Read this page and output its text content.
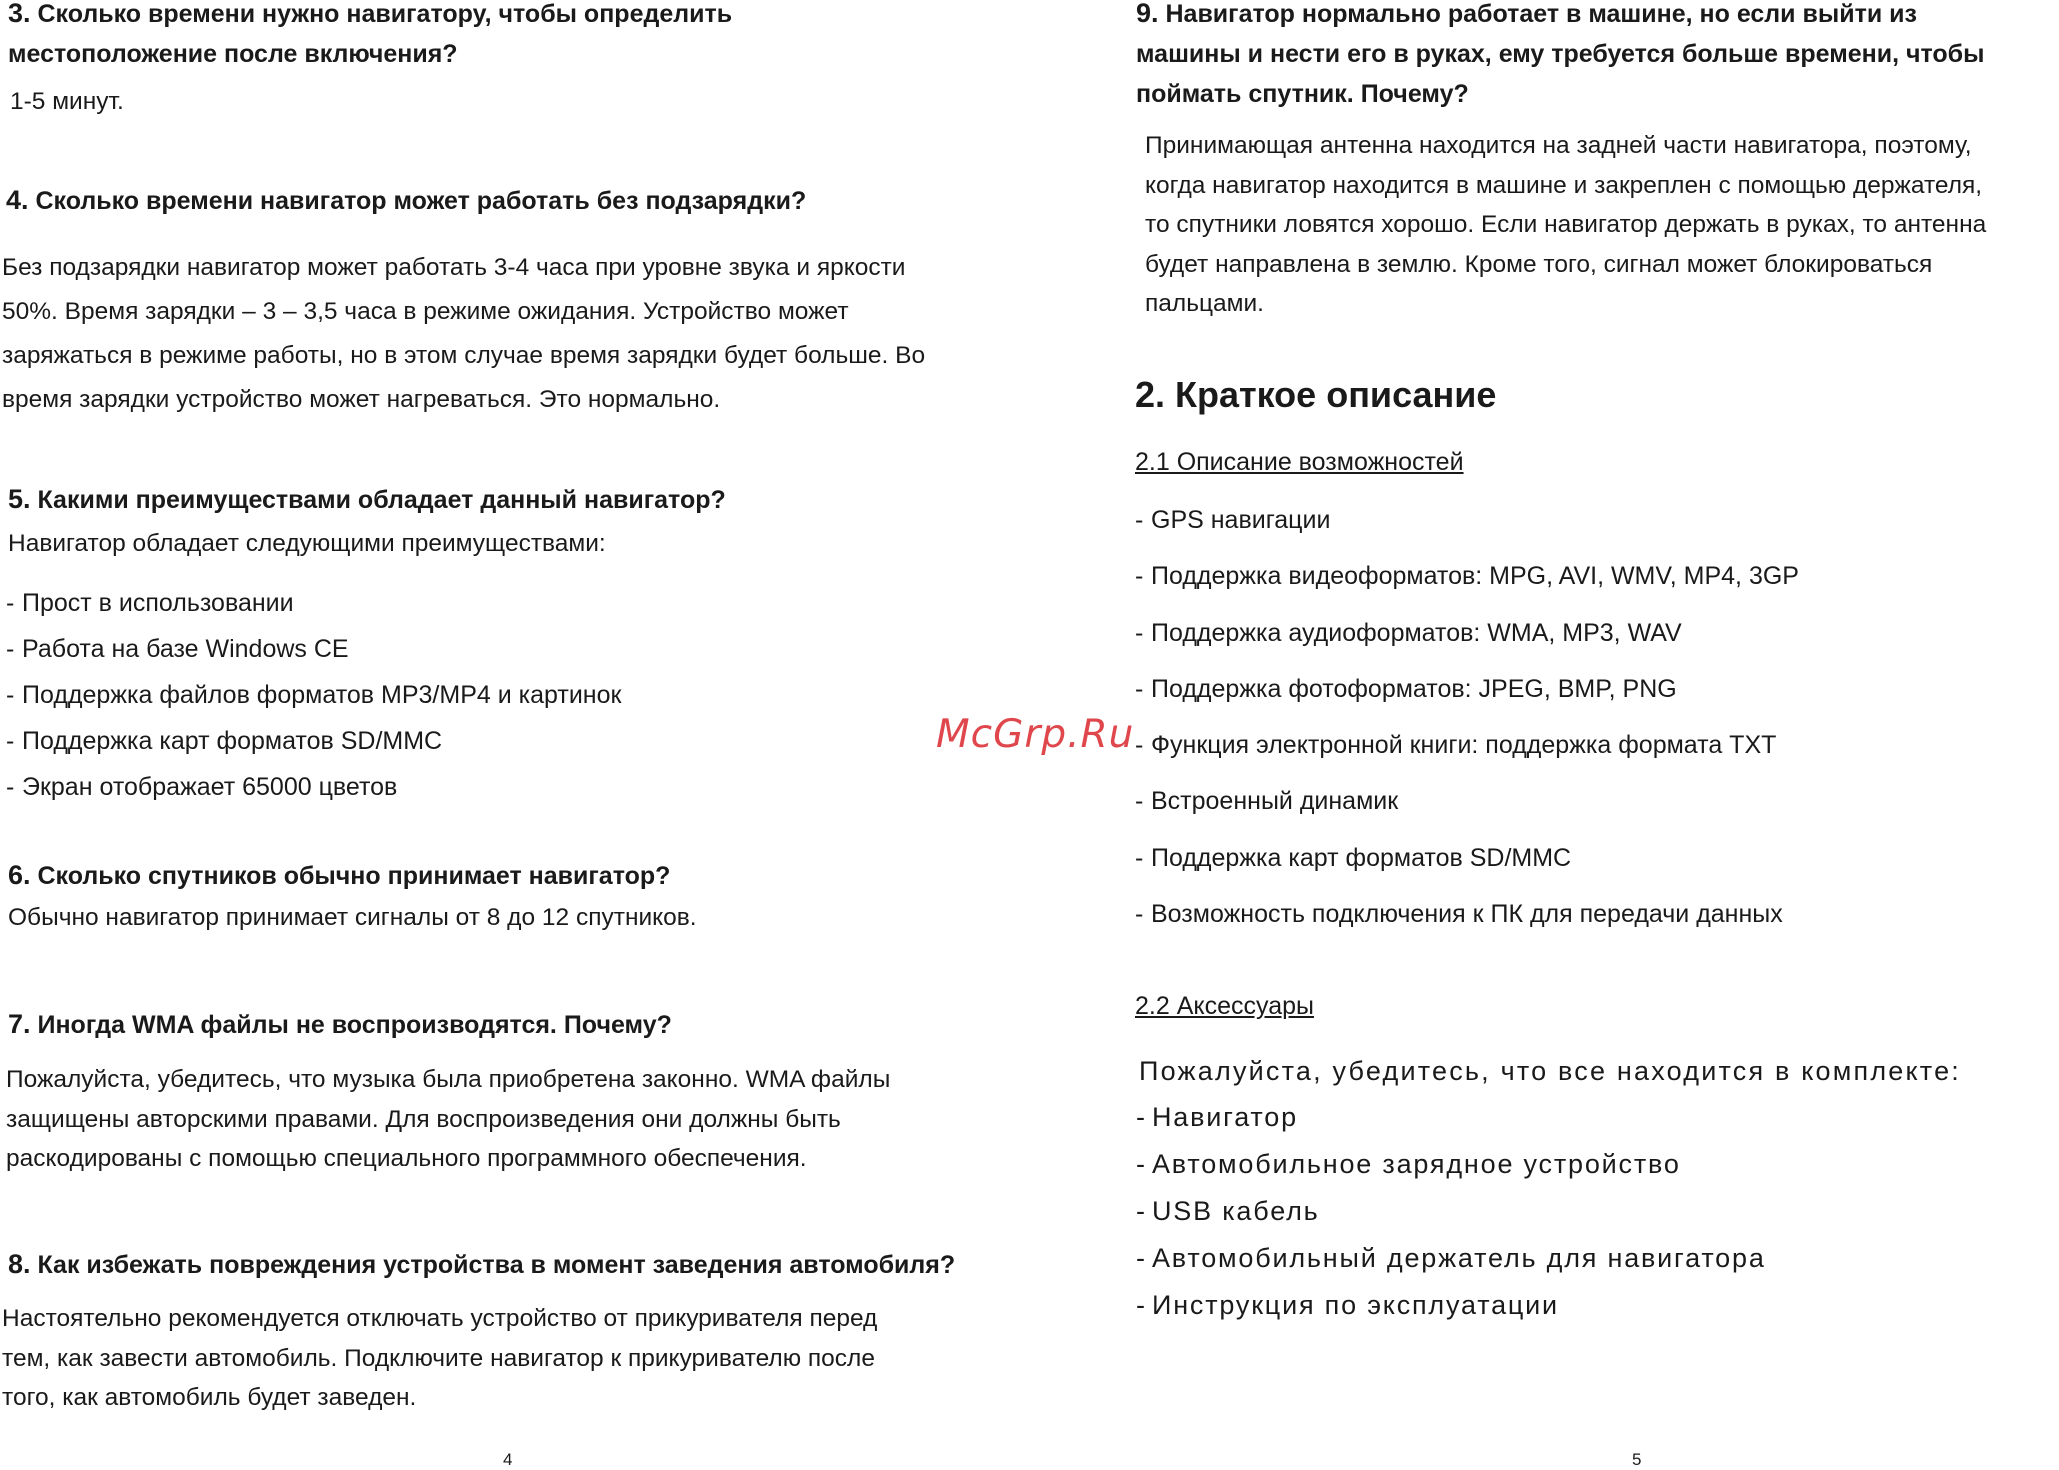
3. Сколько времени нужно навигатору, чтобы определить
местоположение после включения?

1-5 минут.

4. Сколько времени навигатор может работать без подзарядки?

Без подзарядки навигатор может работать 3-4 часа при уровне звука и яркости
50%. Время зарядки – 3 – 3,5 часа в режиме ожидания. Устройство может
заряжаться в режиме работы, но в этом случае время зарядки будет больше. Во
время зарядки устройство может нагреваться. Это нормально.

5. Какими преимуществами обладает данный навигатор?

Навигатор обладает следующими преимуществами:

- Прост в использовании
- Работа на базе Windows CE
- Поддержка файлов форматов MP3/MP4 и картинок
- Поддержка карт форматов SD/MMC
- Экран отображает 65000 цветов

6. Сколько спутников обычно принимает навигатор?

Обычно навигатор принимает сигналы от 8 до 12 спутников.

7. Иногда WMA файлы не воспроизводятся. Почему?

Пожалуйста, убедитесь, что музыка была приобретена законно. WMA файлы
защищены авторскими правами. Для воспроизведения они должны быть
раскодированы с помощью специального программного обеспечения.

8. Как избежать повреждения устройства в момент заведения автомобиля?

Настоятельно рекомендуется отключать устройство от прикуривателя перед
тем, как завести автомобиль. Подключите навигатор к прикуривателю после
того, как автомобиль будет заведен.

4

9. Навигатор нормально работает в машине, но если выйти из
машины и нести его в руках, ему требуется больше времени, чтобы
поймать спутник. Почему?

Принимающая антенна находится на задней части навигатора, поэтому,
когда навигатор находится в машине и закреплен с помощью держателя,
то спутники ловятся хорошо. Если навигатор держать в руках, то антенна
будет направлена в землю. Кроме того, сигнал может блокироваться
пальцами.

2. Краткое описание

2.1 Описание возможностей

- GPS навигации
- Поддержка видеоформатов: MPG, AVI, WMV, MP4, 3GP
- Поддержка аудиоформатов: WMA, MP3, WAV
- Поддержка фотоформатов: JPEG, BMP, PNG
- Функция электронной книги: поддержка формата TXT
- Встроенный динамик
- Поддержка карт форматов SD/MMC
- Возможность подключения к ПК для передачи данных

2.2 Аксессуары

Пожалуйста, убедитесь, что все находится в комплекте:

- Навигатор
- Автомобильное зарядное устройство
- USB кабель
- Автомобильный держатель для навигатора
- Инструкция по эксплуатации
5
McGrp.Ru
